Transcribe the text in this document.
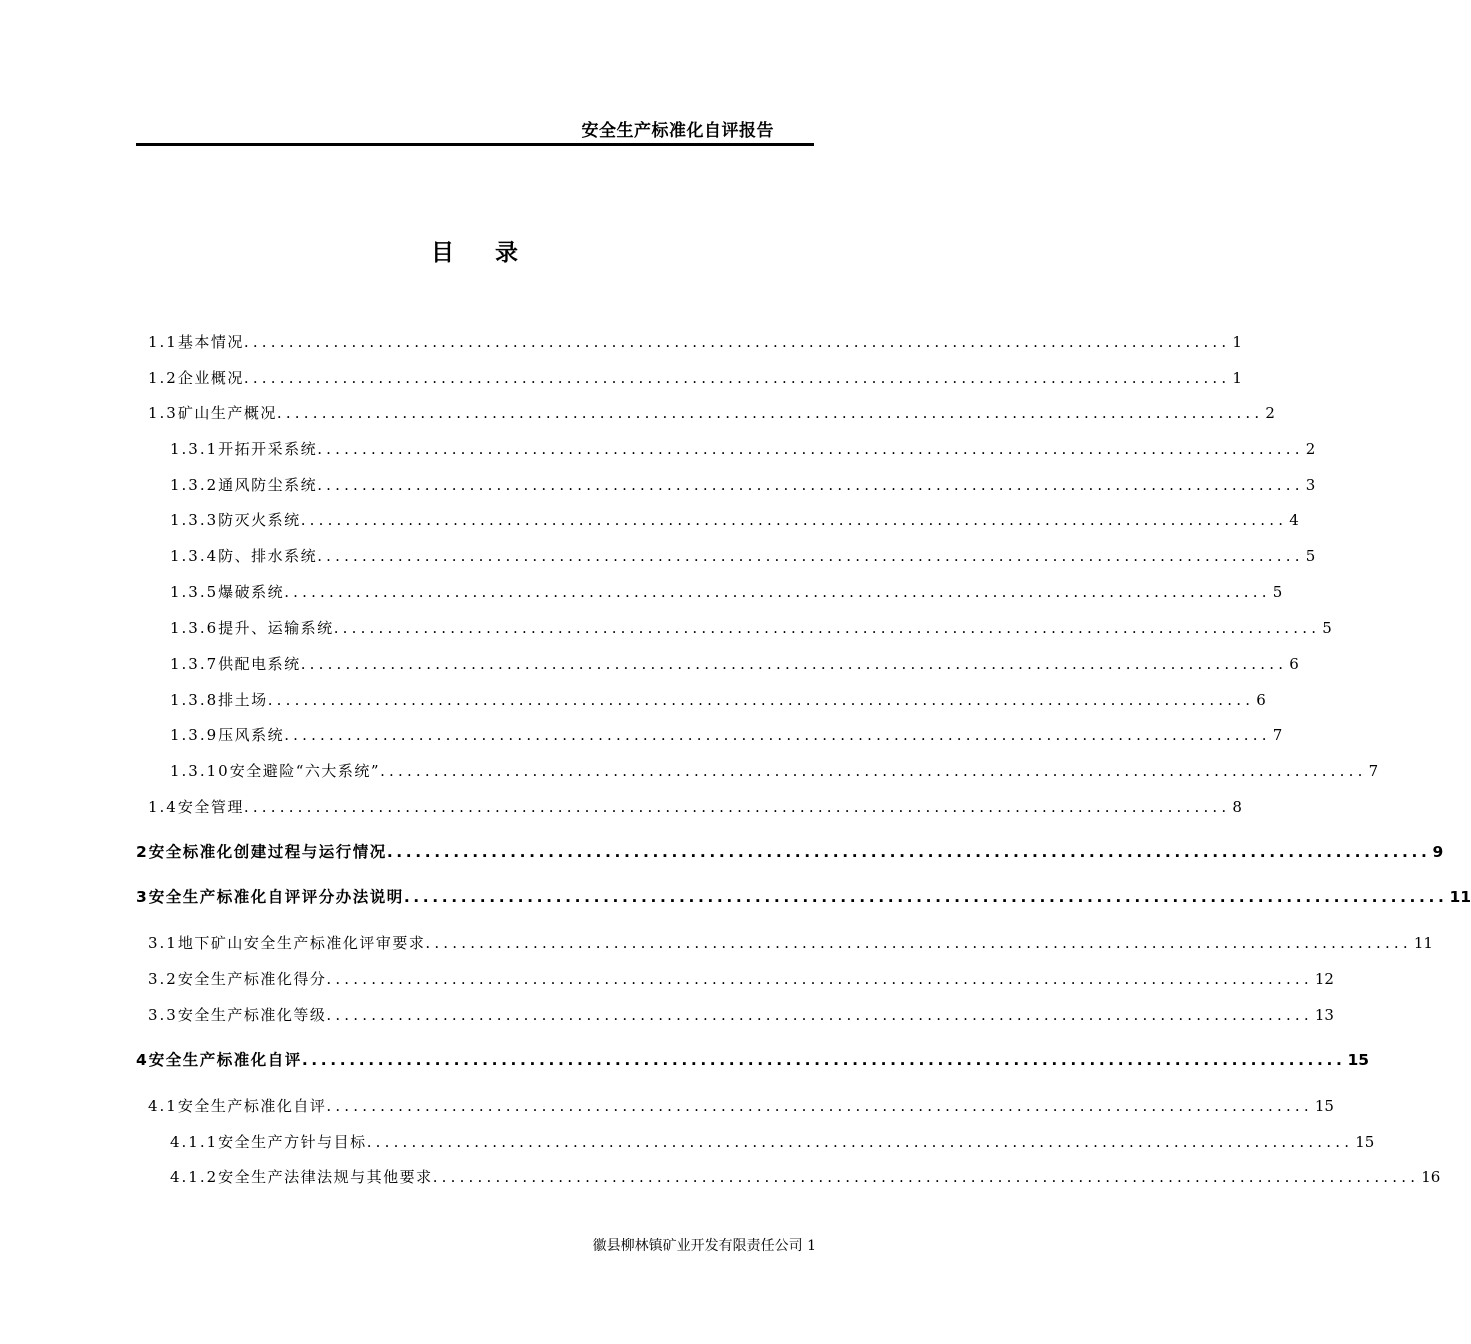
安全生产标准化自评报告
目 录
1.1 基本情况 .............................................................................................................. 1
1.2 企业概况 .............................................................................................................. 1
1.3 矿山生产概况 .............................................................................................................. 2
1.3.1 开拓开采系统 .............................................................................................................. 2
1.3.2 通风防尘系统 .............................................................................................................. 3
1.3.3 防灭火系统 .............................................................................................................. 4
1.3.4 防、排水系统 .............................................................................................................. 5
1.3.5 爆破系统 .............................................................................................................. 5
1.3.6 提升、运输系统 .............................................................................................................. 5
1.3.7 供配电系统 .............................................................................................................. 6
1.3.8 排土场 .............................................................................................................. 6
1.3.9 压风系统 .............................................................................................................. 7
1.3.10 安全避险“六大系统” .............................................................................................................. 7
1.4 安全管理 .............................................................................................................. 8
2 安全标准化创建过程与运行情况 .............................................................................................................. 9
3 安全生产标准化自评评分办法说明 .............................................................................................................. 11
3.1 地下矿山安全生产标准化评审要求 .............................................................................................................. 11
3.2 安全生产标准化得分 .............................................................................................................. 12
3.3 安全生产标准化等级 .............................................................................................................. 13
4 安全生产标准化自评 .............................................................................................................. 15
4.1 安全生产标准化自评 .............................................................................................................. 15
4.1.1 安全生产方针与目标 .............................................................................................................. 15
4.1.2 安全生产法律法规与其他要求 .............................................................................................................. 16
徽县柳林镇矿业开发有限责任公司 1
